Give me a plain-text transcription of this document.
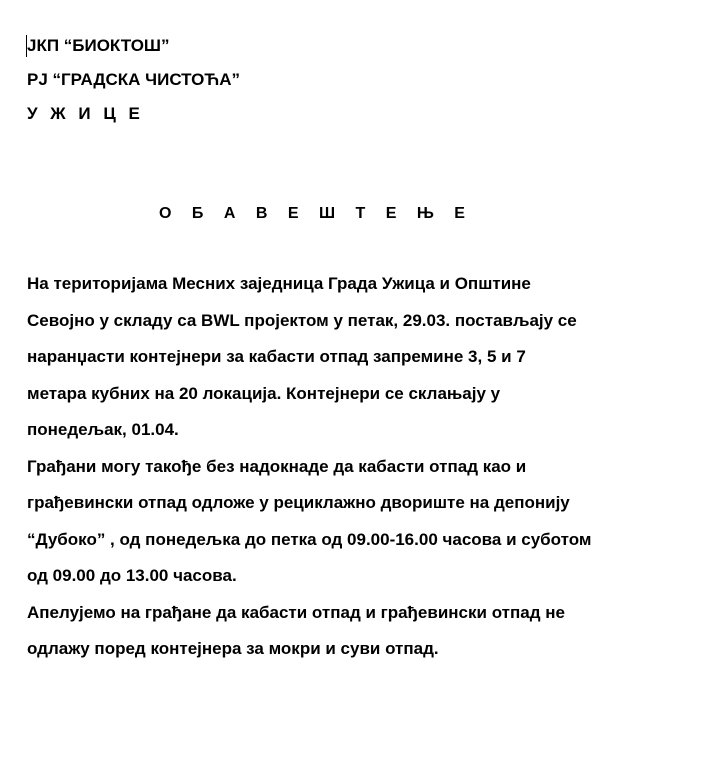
ЈКП “БИОКТОШ”
РЈ “ГРАДСКА ЧИСТОЋА”
У Ж И Ц Е
О Б А В Е Ш Т Е Њ Е
На територијама Месних заједница Града Ужица и Општине
Севојно у складу са BWL пројектом у петак, 29.03. постављају се
наранџасти контејнери за кабасти отпад запремине 3, 5 и 7
метара кубних на 20 локација. Контејнери се склањају у
понедељак, 01.04.
Грађани могу такође без надокнаде да кабасти отпад као и
грађевински отпад одложе у рециклажно двориште на депонију
“Дубоко” , од понедељка до петка од 09.00-16.00 часова и суботом
од 09.00 до 13.00 часова.
Апелујемо на грађане да кабасти отпад и грађевински отпад не
одлажу поред контејнера за мокри и суви отпад.
